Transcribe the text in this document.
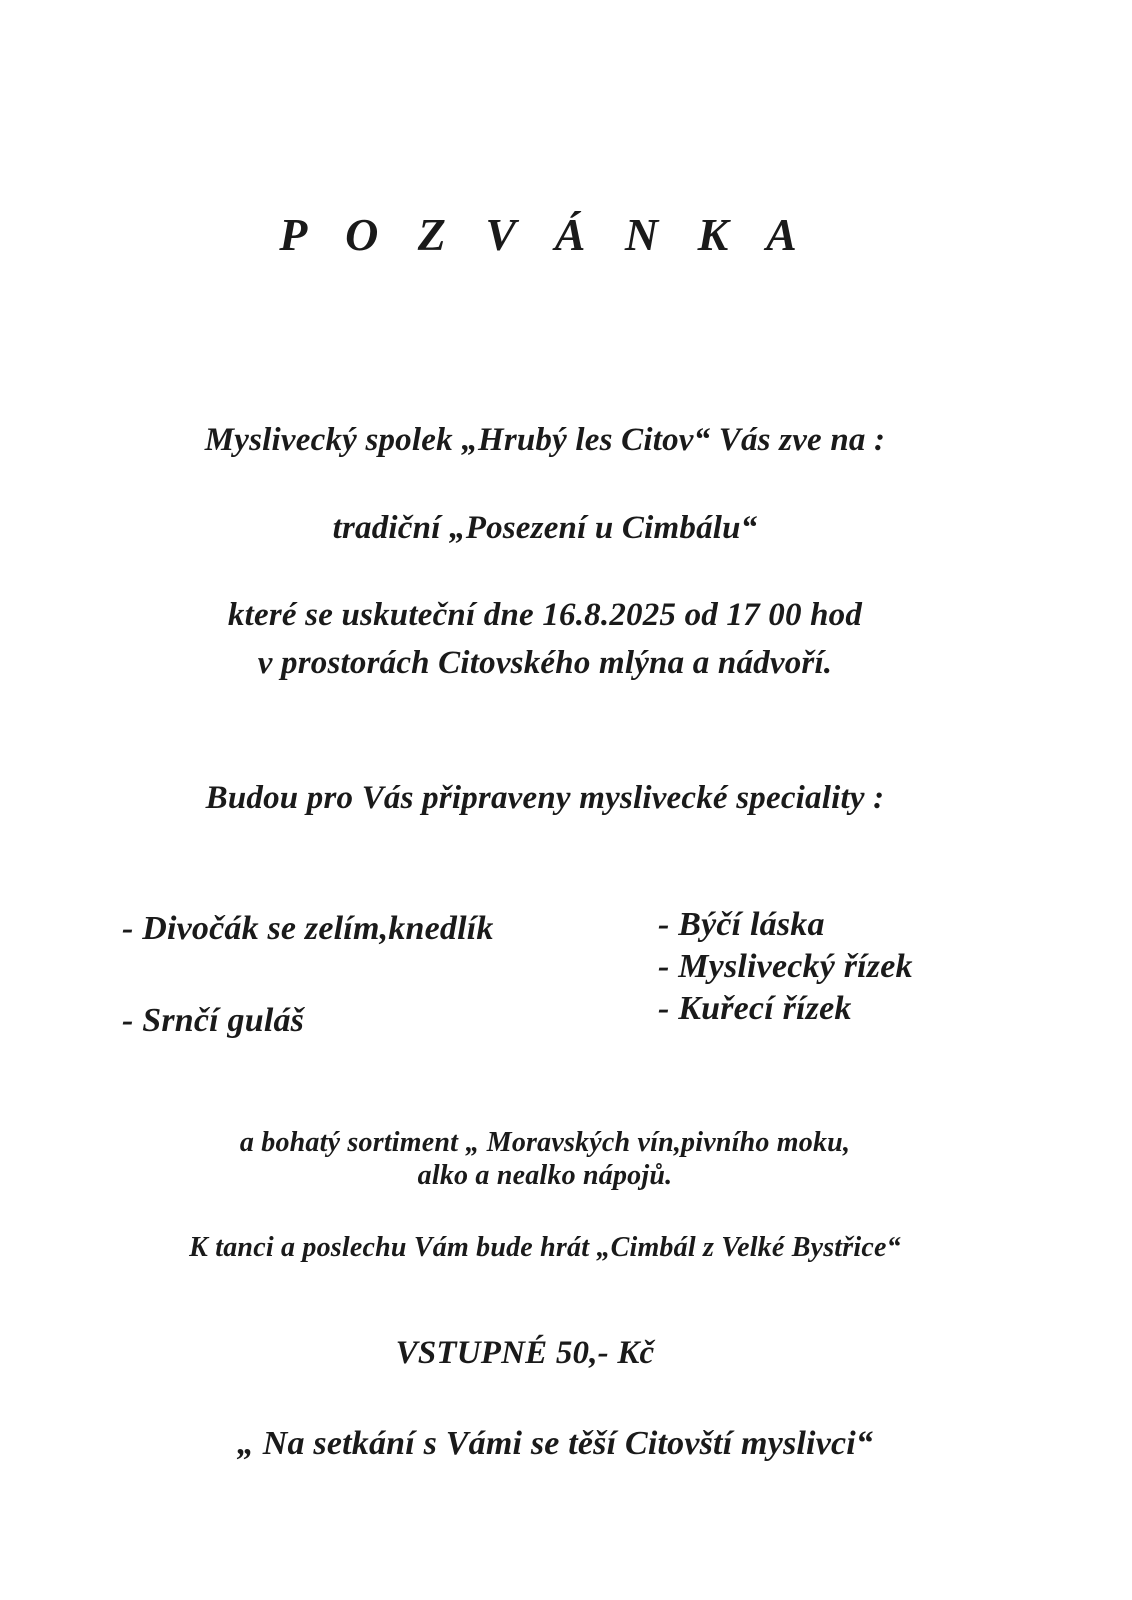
P O Z V Á N K A
Myslivecký spolek „Hrubý les Citov“ Vás zve na :
tradiční „Posezení u Cimbálu“
které se uskuteční dne 16.8.2025 od 17 00 hod
v prostorách Citovského mlýna a nádvoří.
Budou pro Vás připraveny myslivecké speciality :
- Divočák se zelím,knedlík
- Srnčí guláš
- Býčí láska
- Myslivecký řízek
- Kuřecí řízek
a bohatý sortiment „ Moravských vín,pivního moku,
alko a nealko nápojů.
K tanci a poslechu Vám bude hrát „Cimbál z Velké Bystřice“
VSTUPNÉ 50,- Kč
„ Na setkání s Vámi se těší Citovští myslivci“
